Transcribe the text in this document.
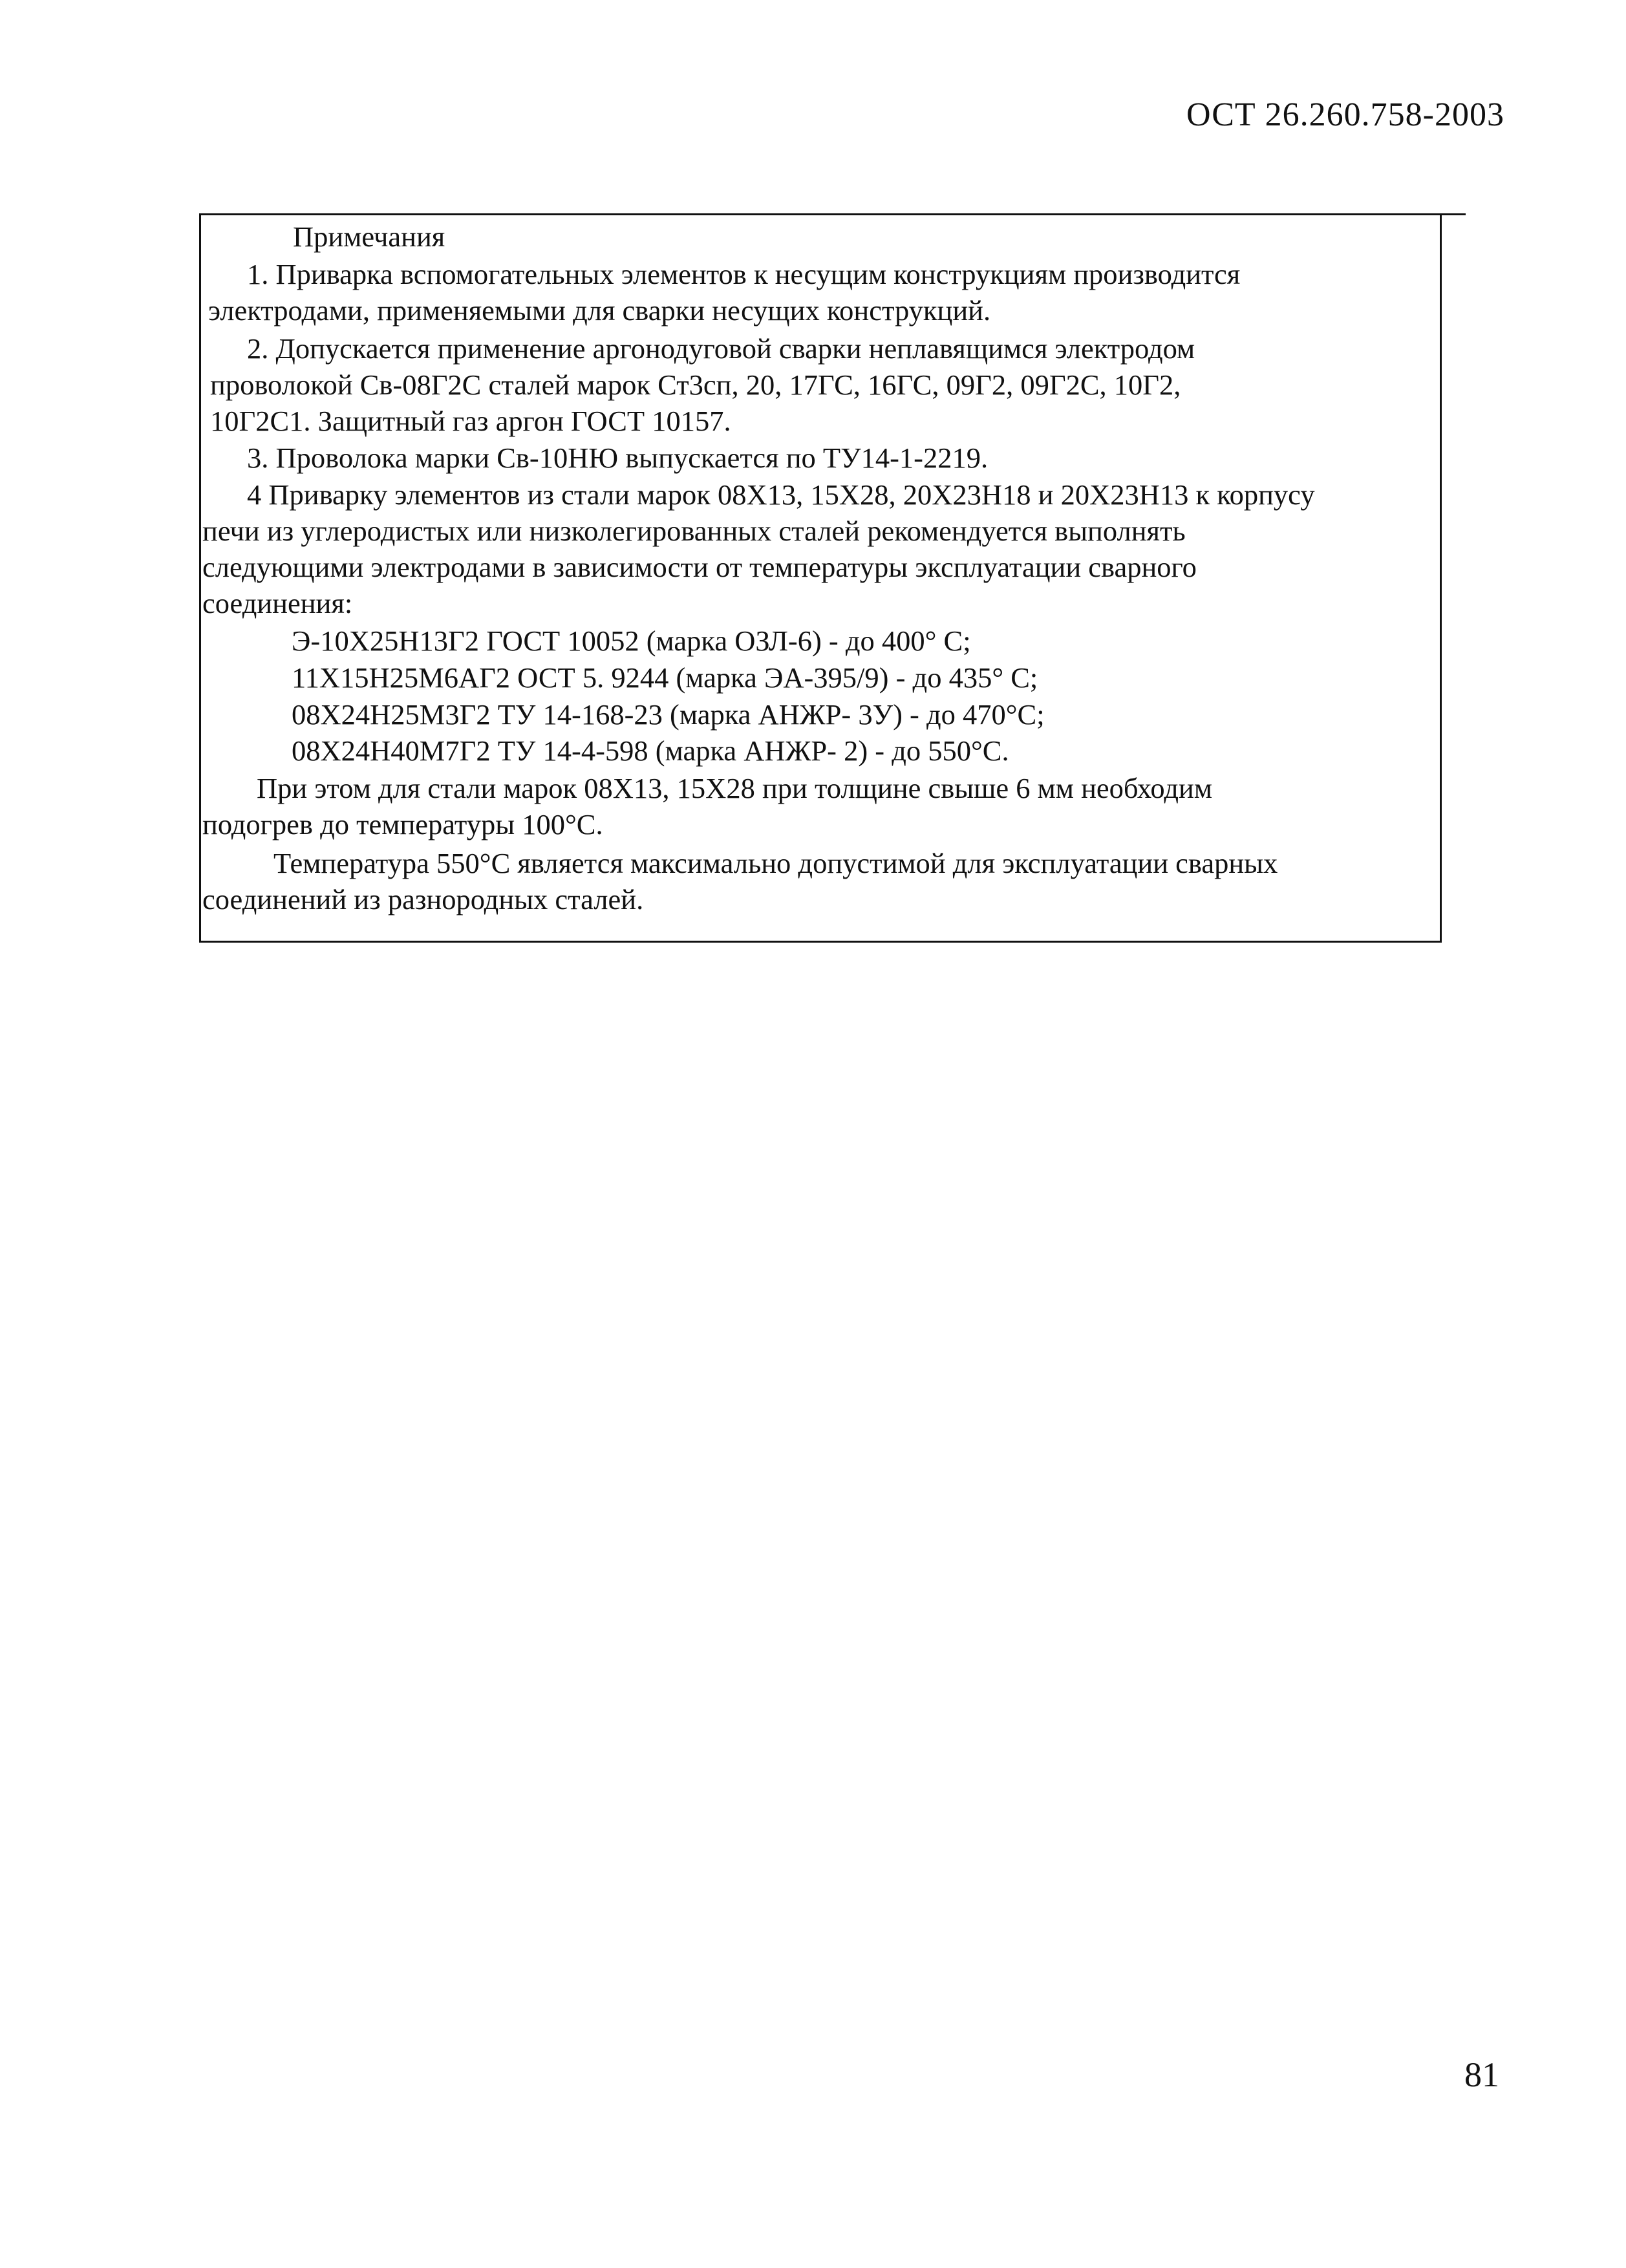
ОСТ 26.260.758-2003
Примечания
1. Приварка вспомогательных элементов к несущим конструкциям производится
электродами, применяемыми для сварки несущих конструкций.
2. Допускается применение аргонодуговой сварки неплавящимся электродом
проволокой Св-08Г2С сталей марок Ст3сп, 20, 17ГС, 16ГС, 09Г2, 09Г2С, 10Г2,
10Г2С1. Защитный газ аргон ГОСТ 10157.
3. Проволока марки Св-10НЮ выпускается по ТУ14-1-2219.
4 Приварку элементов из стали марок 08Х13, 15Х28, 20Х23Н18 и 20Х23Н13 к корпусу
печи из углеродистых или низколегированных сталей рекомендуется выполнять
следующими электродами в зависимости от температуры эксплуатации сварного
соединения:
Э-10Х25Н13Г2 ГОСТ 10052 (марка ОЗЛ-6) - до 400° С;
11Х15Н25М6АГ2 ОСТ 5. 9244 (марка ЭА-395/9) - до 435° С;
08Х24Н25М3Г2 ТУ 14-168-23 (марка АНЖР- 3У) - до 470°С;
08Х24Н40М7Г2 ТУ 14-4-598 (марка АНЖР- 2) - до 550°С.
При этом для стали марок 08Х13, 15Х28 при толщине свыше 6 мм необходим
подогрев до температуры 100°С.
Температура 550°С является максимально допустимой для эксплуатации сварных
соединений из разнородных сталей.
81
